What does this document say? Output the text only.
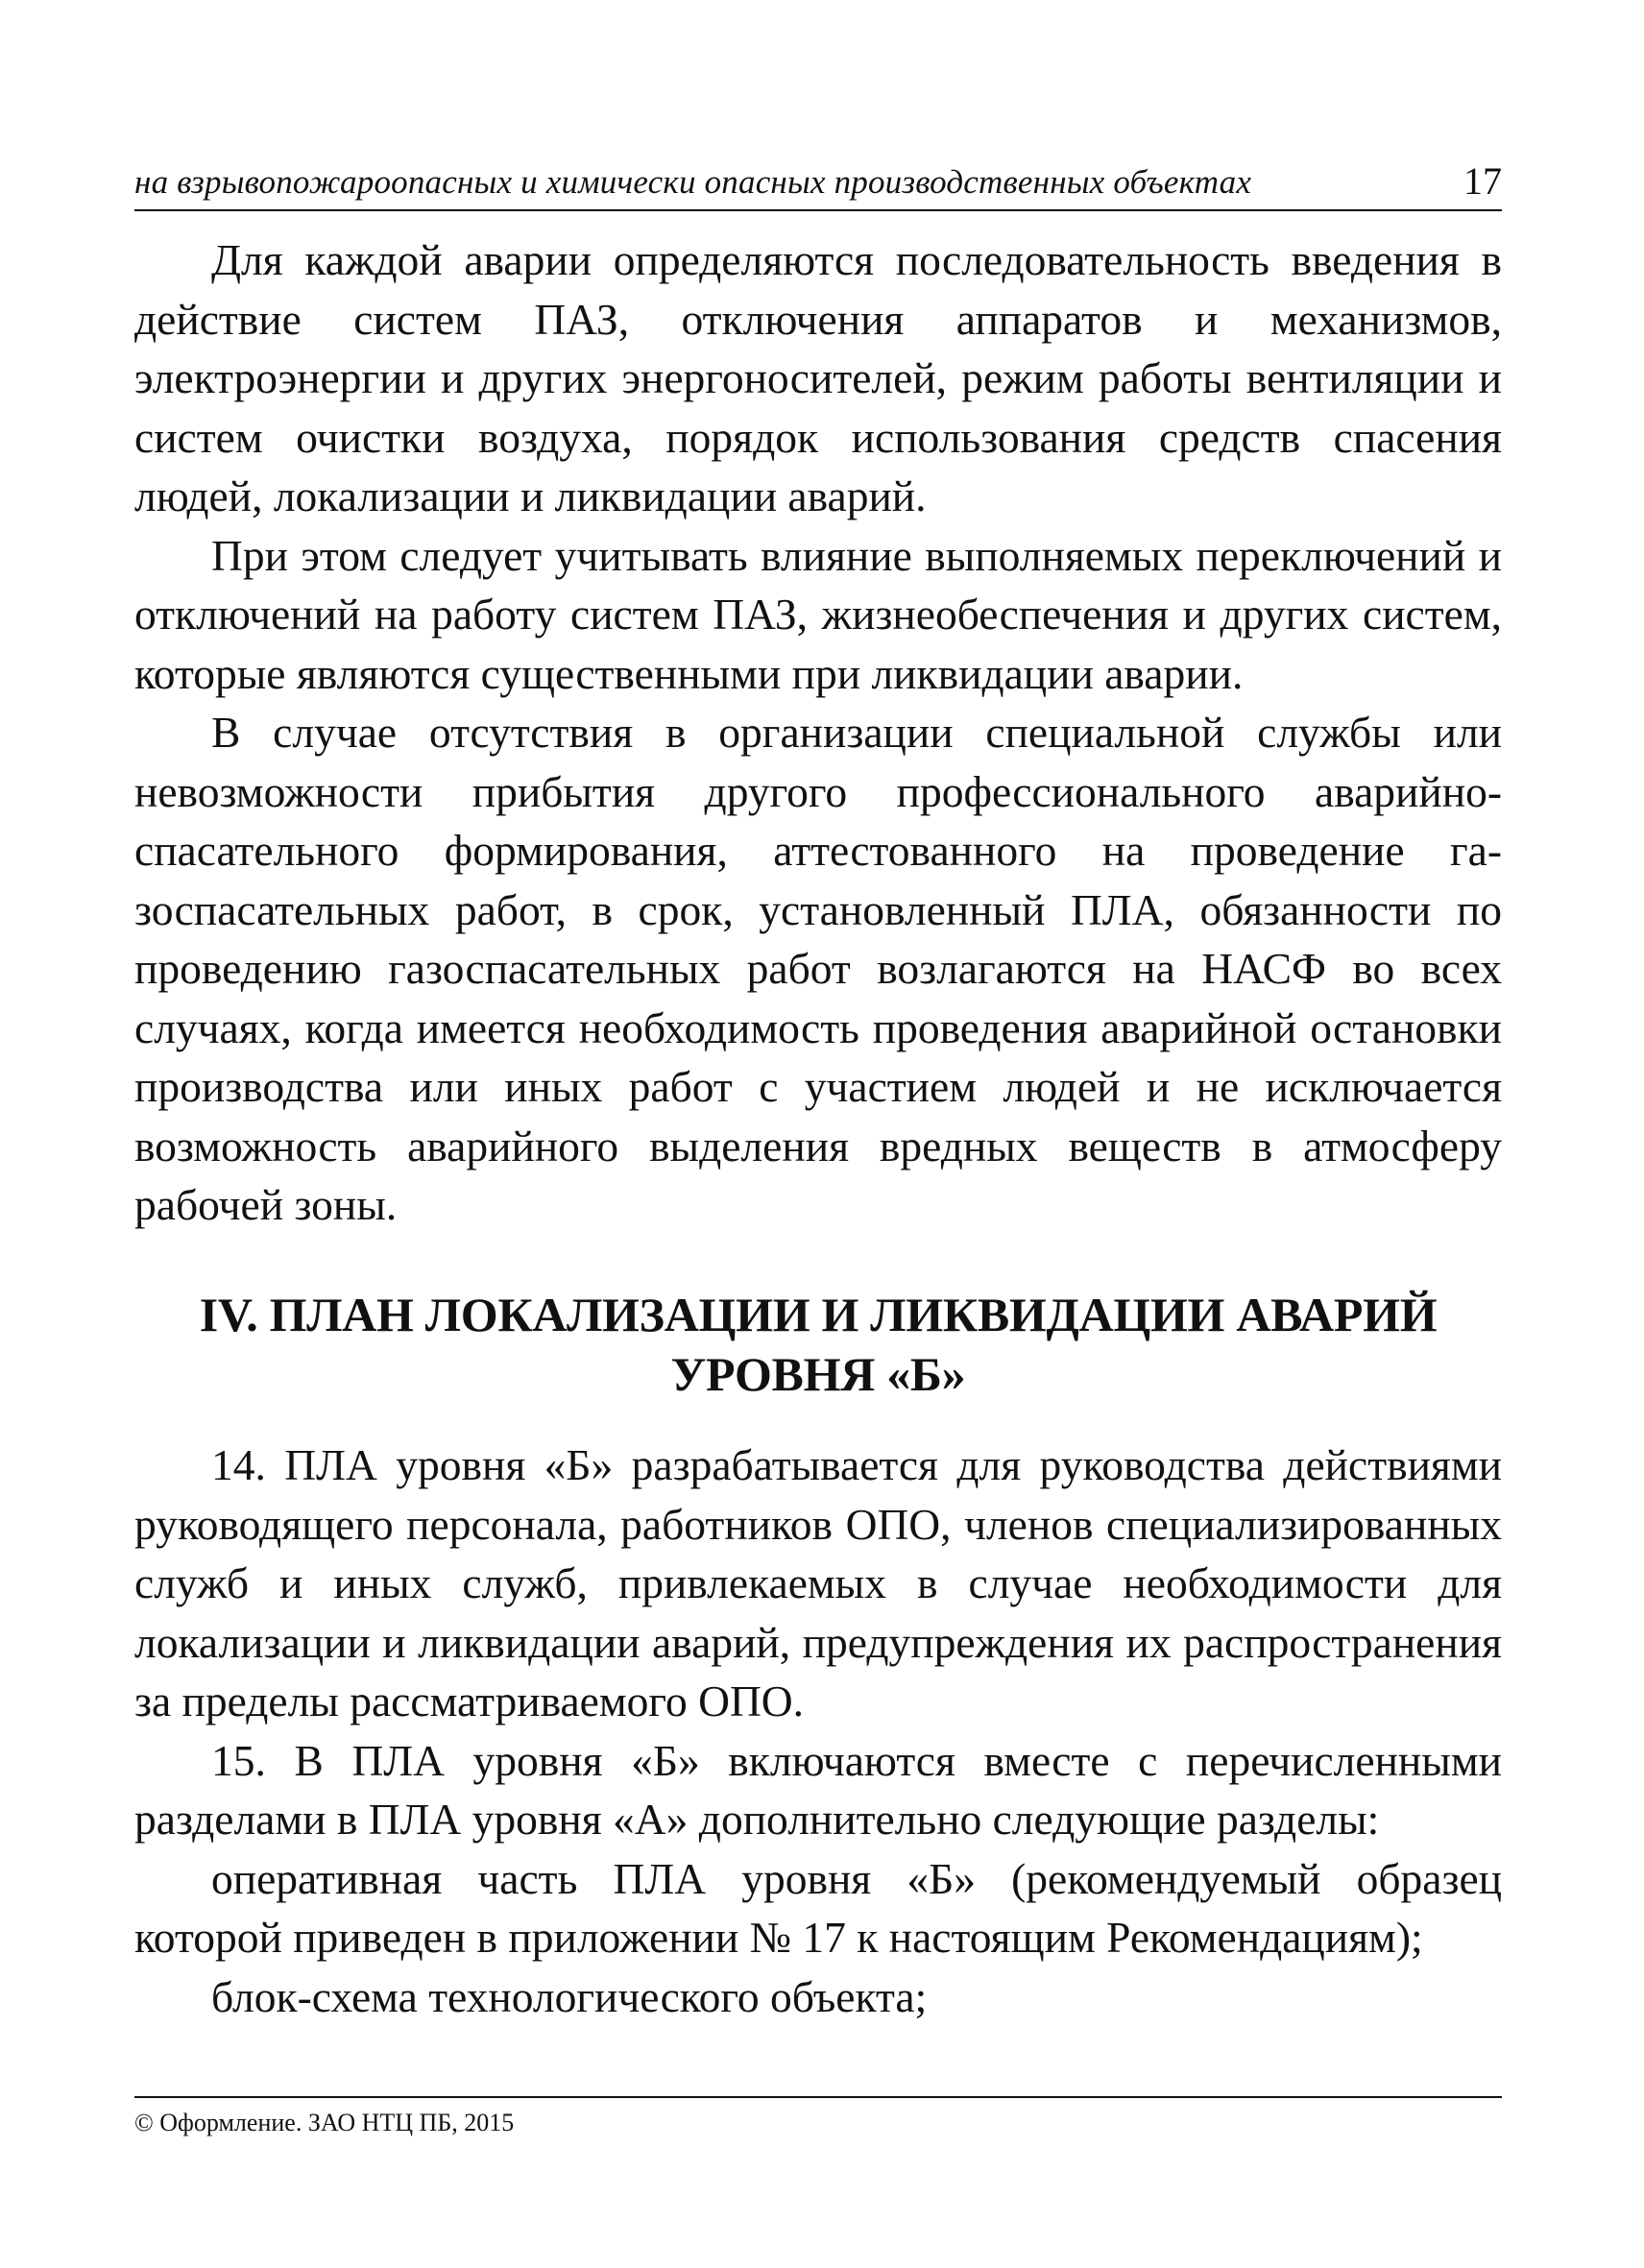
на взрывопожароопасных и химически опасных производственных объектах	17

Для каждой аварии определяются последовательность введения в действие систем ПАЗ, отключения аппаратов и механизмов, электроэнергии и других энергоносителей, режим работы вентиляции и систем очистки воздуха, порядок использования средств спасения людей, локализации и ликвидации аварий.

При этом следует учитывать влияние выполняемых переключений и отключений на работу систем ПАЗ, жизнеобеспечения и других систем, которые являются существенными при ликвидации аварии.

В случае отсутствия в организации специальной службы или невозможности прибытия другого профессионального аварийно-спасательного формирования, аттестованного на проведение газоспасательных работ, в срок, установленный ПЛА, обязанности по проведению газоспасательных работ возлагаются на НАСФ во всех случаях, когда имеется необходимость проведения аварийной остановки производства или иных работ с участием людей и не исключается возможность аварийного выделения вредных веществ в атмосферу рабочей зоны.

IV. ПЛАН ЛОКАЛИЗАЦИИ И ЛИКВИДАЦИИ АВАРИЙ
УРОВНЯ «Б»

14. ПЛА уровня «Б» разрабатывается для руководства действиями руководящего персонала, работников ОПО, членов специализированных служб и иных служб, привлекаемых в случае необходимости для локализации и ликвидации аварий, предупреждения их распространения за пределы рассматриваемого ОПО.

15. В ПЛА уровня «Б» включаются вместе с перечисленными разделами в ПЛА уровня «А» дополнительно следующие разделы:

оперативная часть ПЛА уровня «Б» (рекомендуемый образец которой приведен в приложении № 17 к настоящим Рекомендациям);

блок-схема технологического объекта;

© Оформление. ЗАО НТЦ ПБ, 2015
